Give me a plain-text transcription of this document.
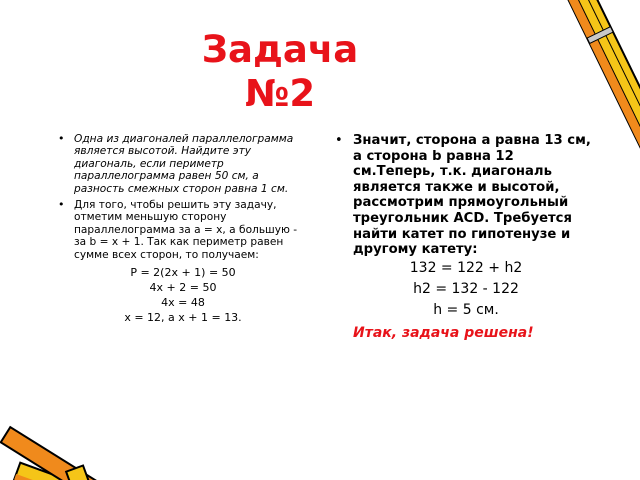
Задача
№2
• Одна из диагоналей параллелограмма является высотой. Найдите эту диагональ, если периметр параллелограмма равен 50 см, а разность смежных сторон равна 1 см.
• Для того, чтобы решить эту задачу, отметим меньшую сторону параллелограмма за а = х, а большую - за b = x + 1. Так как периметр равен сумме всех сторон, то получаем:
Р = 2(2х + 1) = 50
4х + 2 = 50
4х = 48
х = 12, а х + 1 = 13.
• Значит, сторона а равна 13 см, а сторона b равна 12 см.Теперь, т.к. диагональ является также и высотой, рассмотрим прямоугольный треугольник ACD. Требуется найти катет по гипотенузе и другому катету:
132 = 122 + h2
h2 = 132 - 122
h = 5 см.
Итак, задача решена!
